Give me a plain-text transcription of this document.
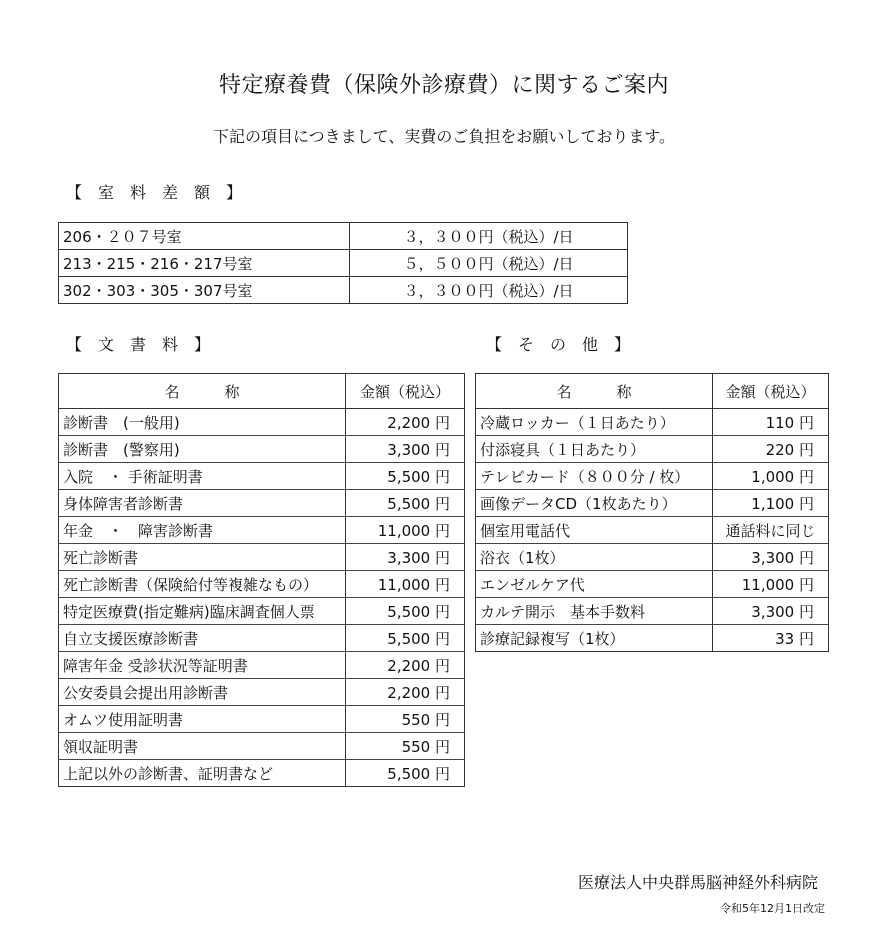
特定療養費（保険外診療費）に関するご案内
下記の項目につきまして、実費のご負担をお願いしております。
【　室　料　差　額　】
206・２０７号室	３，３００円（税込）/日
213・215・216・217号室	５，５００円（税込）/日
302・303・305・307号室	３，３００円（税込）/日
【　文　書　料　】	【　そ　の　他　】
名　　　称	金額（税込）
診断書　(一般用)	2,200 円
診断書　(警察用)	3,300 円
入院　・ 手術証明書	5,500 円
身体障害者診断書	5,500 円
年金　・　障害診断書	11,000 円
死亡診断書	3,300 円
死亡診断書（保険給付等複雑なもの）	11,000 円
特定医療費(指定難病)臨床調査個人票	5,500 円
自立支援医療診断書	5,500 円
障害年金 受診状況等証明書	2,200 円
公安委員会提出用診断書	2,200 円
オムツ使用証明書	550 円
領収証明書	550 円
上記以外の診断書、証明書など	5,500 円
名　　　称	金額（税込）
冷蔵ロッカー（１日あたり）	110 円
付添寝具（１日あたり）	220 円
テレビカード（８００分 / 枚）	1,000 円
画像データCD（1枚あたり）	1,100 円
個室用電話代	通話料に同じ
浴衣（1枚）	3,300 円
エンゼルケア代	11,000 円
カルテ開示　基本手数料	3,300 円
診療記録複写（1枚）	33 円
医療法人中央群馬脳神経外科病院
令和5年12月1日改定
